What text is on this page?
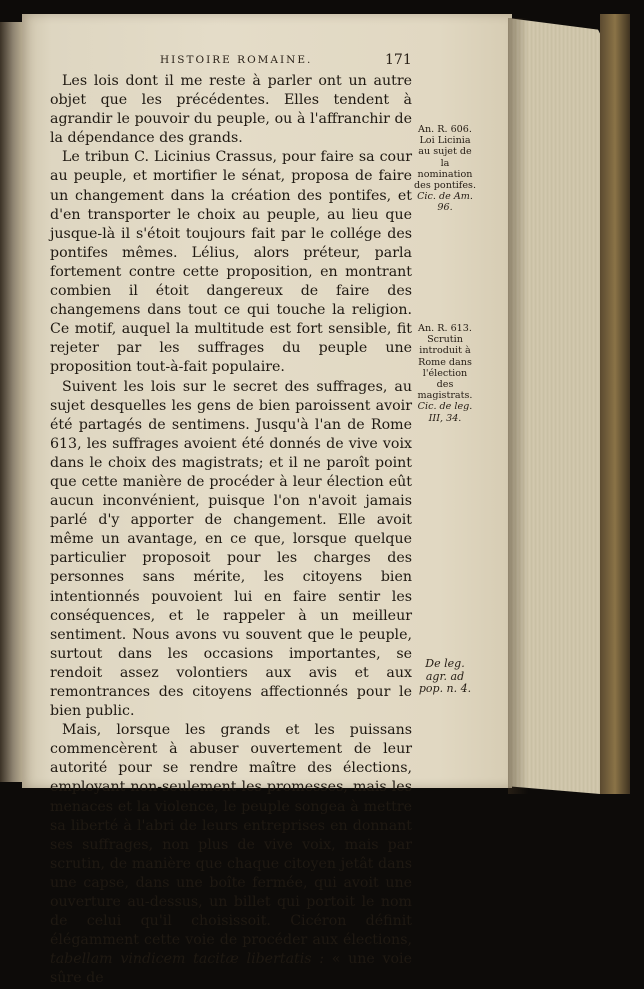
HISTOIRE ROMAINE.	171

Les lois dont il me reste à parler ont un autre objet que les précédentes. Elles tendent à agrandir le pouvoir du peuple, ou à l'affranchir de la dépendance des grands.

Le tribun C. Licinius Crassus, pour faire sa cour au peuple, et mortifier le sénat, proposa de faire un changement dans la création des pontifes, et d'en transporter le choix au peuple, au lieu que jusque-là il s'étoit toujours fait par le collége des pontifes mêmes. Lélius, alors préteur, parla fortement contre cette proposition, en montrant combien il étoit dangereux de faire des changemens dans tout ce qui touche la religion. Ce motif, auquel la multitude est fort sensible, fit rejeter par les suffrages du peuple une proposition tout-à-fait populaire.

Suivent les lois sur le secret des suffrages, au sujet desquelles les gens de bien paroissent avoir été partagés de sentimens. Jusqu'à l'an de Rome 613, les suffrages avoient été donnés de vive voix dans le choix des magistrats; et il ne paroît point que cette manière de procéder à leur élection eût aucun inconvénient, puisque l'on n'avoit jamais parlé d'y apporter de changement. Elle avoit même un avantage, en ce que, lorsque quelque particulier proposoit pour les charges des personnes sans mérite, les citoyens bien intentionnés pouvoient lui en faire sentir les conséquences, et le rappeler à un meilleur sentiment. Nous avons vu souvent que le peuple, surtout dans les occasions importantes, se rendoit assez volontiers aux avis et aux remontrances des citoyens affectionnés pour le bien public.

Mais, lorsque les grands et les puissans commencèrent à abuser ouvertement de leur autorité pour se rendre maître des élections, employant non-seulement les promesses, mais les menaces et la violence, le peuple songea à mettre sa liberté à l'abri de leurs entreprises en donnant ses suffrages, non plus de vive voix, mais par scrutin, de manière que chaque citoyen jetât dans une capse, dans une boîte fermée, qui avoit une ouverture au-dessus, un billet qui portoit le nom de celui qu'il choisissoit. Cicéron définit élégamment cette voie de procéder aux élections, tabellam vindicem tacitæ libertatis : « une voie sûre de

An. R. 606. Loi Licinia au sujet de la nomination des pontifes.
Cic. de Am. 96.
An. R. 613. Scrutin introduit à Rome dans l'élection des magistrats.
Cic. de leg. III, 34.
De leg. agr. ad pop. n. 4.
